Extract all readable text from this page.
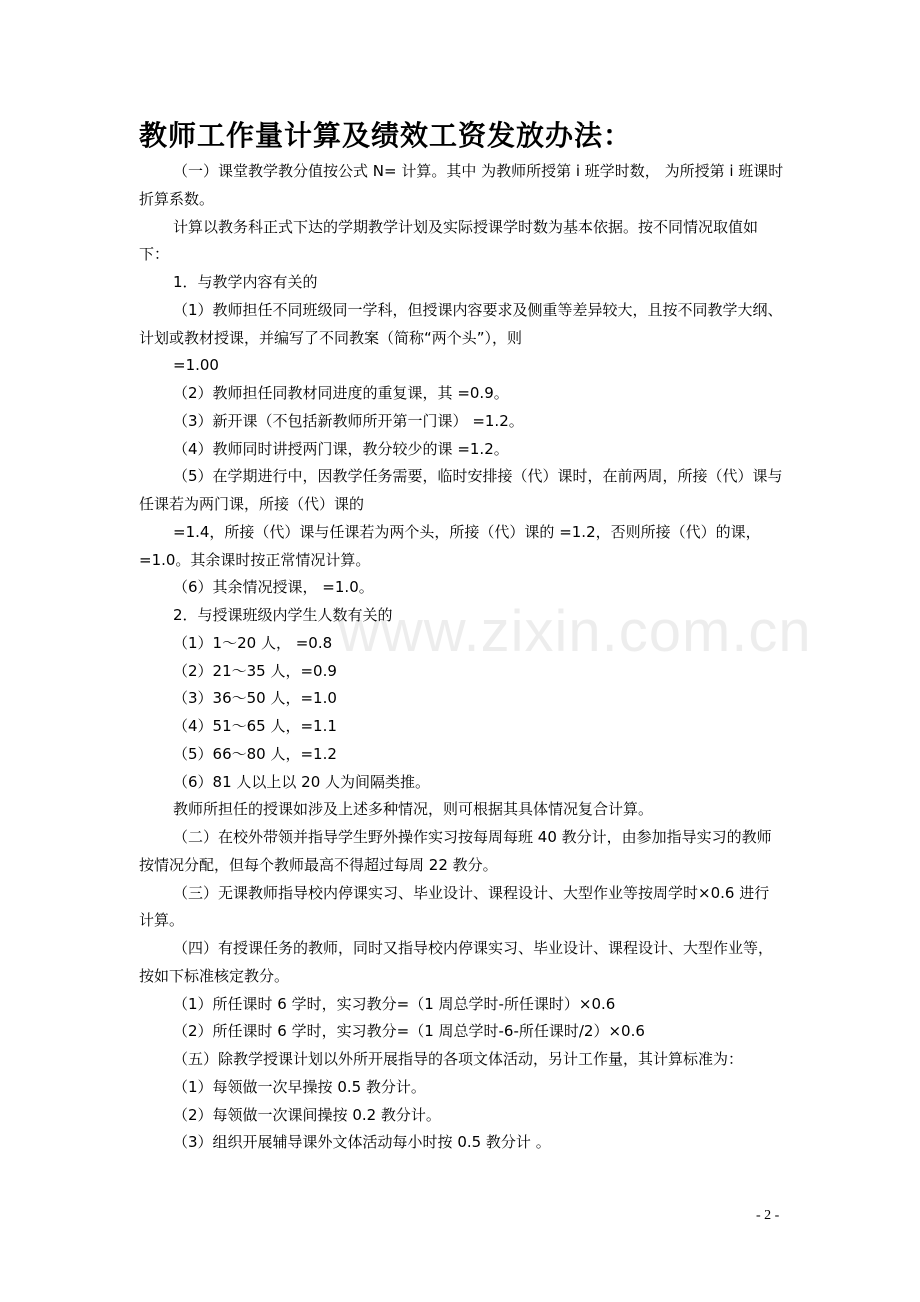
教师工作量计算及绩效工资发放办法：

（一）课堂教学教分值按公式 N= 计算。其中 为教师所授第 i 班学时数， 为所授第 i 班课时折算系数。

计算以教务科正式下达的学期教学计划及实际授课学时数为基本依据。按不同情况取值如下：

1．与教学内容有关的

（1）教师担任不同班级同一学科，但授课内容要求及侧重等差异较大，且按不同教学大纲、计划或教材授课，并编写了不同教案（简称“两个头”），则

=1.00

（2）教师担任同教材同进度的重复课，其 =0.9。

（3）新开课（不包括新教师所开第一门课） =1.2。

（4）教师同时讲授两门课，教分较少的课 =1.2。

（5）在学期进行中，因教学任务需要，临时安排接（代）课时，在前两周，所接（代）课与任课若为两门课，所接（代）课的

=1.4，所接（代）课与任课若为两个头，所接（代）课的 =1.2，否则所接（代）的课， =1.0。其余课时按正常情况计算。

（6）其余情况授课， =1.0。

2．与授课班级内学生人数有关的

（1）1～20 人， =0.8

（2）21～35 人，=0.9

（3）36～50 人，=1.0

（4）51～65 人，=1.1

（5）66～80 人，=1.2

（6）81 人以上以 20 人为间隔类推。

教师所担任的授课如涉及上述多种情况，则可根据其具体情况复合计算。

（二）在校外带领并指导学生野外操作实习按每周每班 40 教分计，由参加指导实习的教师按情况分配，但每个教师最高不得超过每周 22 教分。

（三）无课教师指导校内停课实习、毕业设计、课程设计、大型作业等按周学时×0.6 进行计算。

（四）有授课任务的教师，同时又指导校内停课实习、毕业设计、课程设计、大型作业等，按如下标准核定教分。

（1）所任课时 6 学时，实习教分=（1 周总学时-所任课时）×0.6

（2）所任课时 6 学时，实习教分=（1 周总学时-6-所任课时/2）×0.6

（五）除教学授课计划以外所开展指导的各项文体活动，另计工作量，其计算标准为：

（1）每领做一次早操按 0.5 教分计。

（2）每领做一次课间操按 0.2 教分计。

（3）组织开展辅导课外文体活动每小时按 0.5 教分计 。

www.zixin.com.cn
- 2 -
